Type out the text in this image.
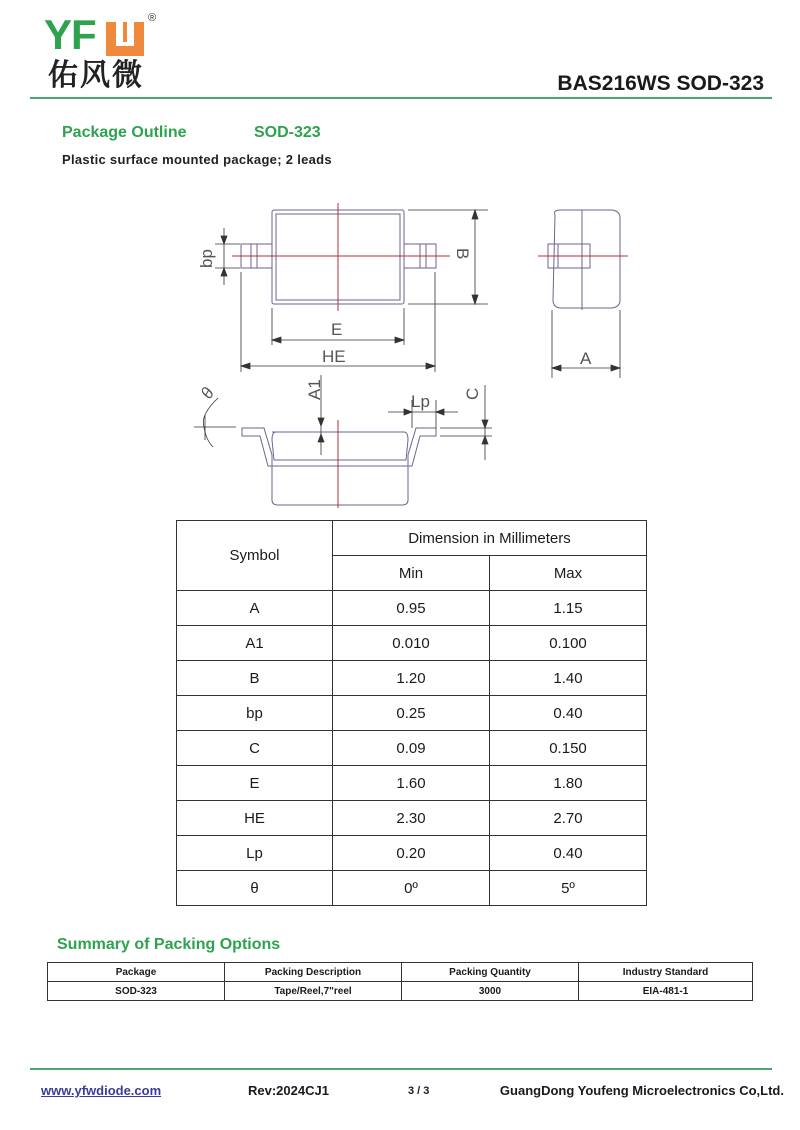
YF	®
佑风微	BAS216WS SOD-323
Package Outline	SOD-323
Plastic surface mounted package; 2 leads
bp	B
E
HE	A
A1
Lp C
θ
Symbol	Dimension in Millimeters	
	Min	Max
A	0.95	1.15
A1	0.010	0.100
B	1.20	1.40
bp	0.25	0.40
C	0.09	0.150
E	1.60	1.80
HE	2.30	2.70
Lp	0.20	0.40
θ	0º	5º
Summary of Packing Options
Package	Packing Description	Packing Quantity	Industry Standard
SOD-323	Tape/Reel,7"reel	3000	EIA-481-1
www.yfwdiode.com	Rev:2024CJ1	3 / 3	GuangDong Youfeng Microelectronics Co,Ltd.
